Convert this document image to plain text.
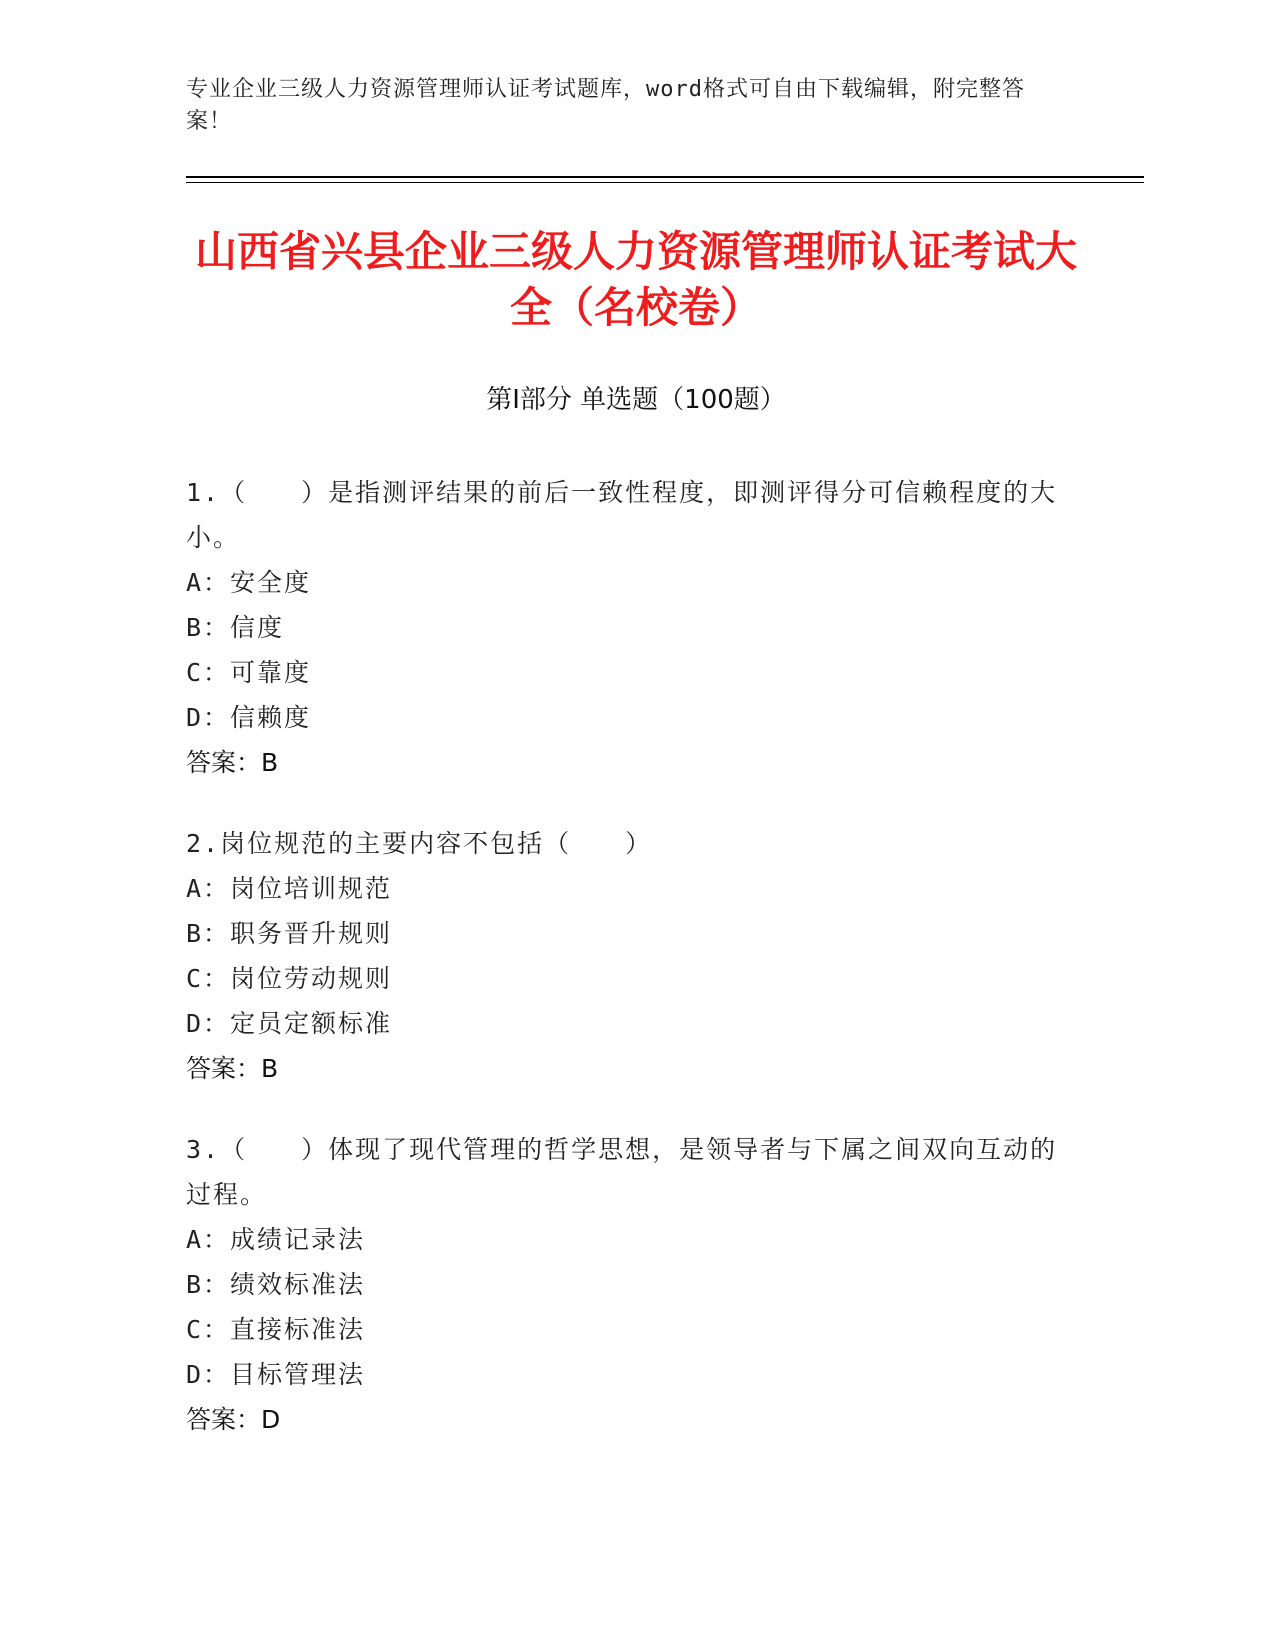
专业企业三级人力资源管理师认证考试题库，word格式可自由下载编辑，附完整答案！
山西省兴县企业三级人力资源管理师认证考试大全（名校卷）
第I部分 单选题（100题）
1.（　　）是指测评结果的前后一致性程度，即测评得分可信赖程度的大小。
A：安全度
B：信度
C：可靠度
D：信赖度
答案：B
2.岗位规范的主要内容不包括（　　）
A：岗位培训规范
B：职务晋升规则
C：岗位劳动规则
D：定员定额标准
答案：B
3.（　　）体现了现代管理的哲学思想，是领导者与下属之间双向互动的过程。
A：成绩记录法
B：绩效标准法
C：直接标准法
D：目标管理法
答案：D
